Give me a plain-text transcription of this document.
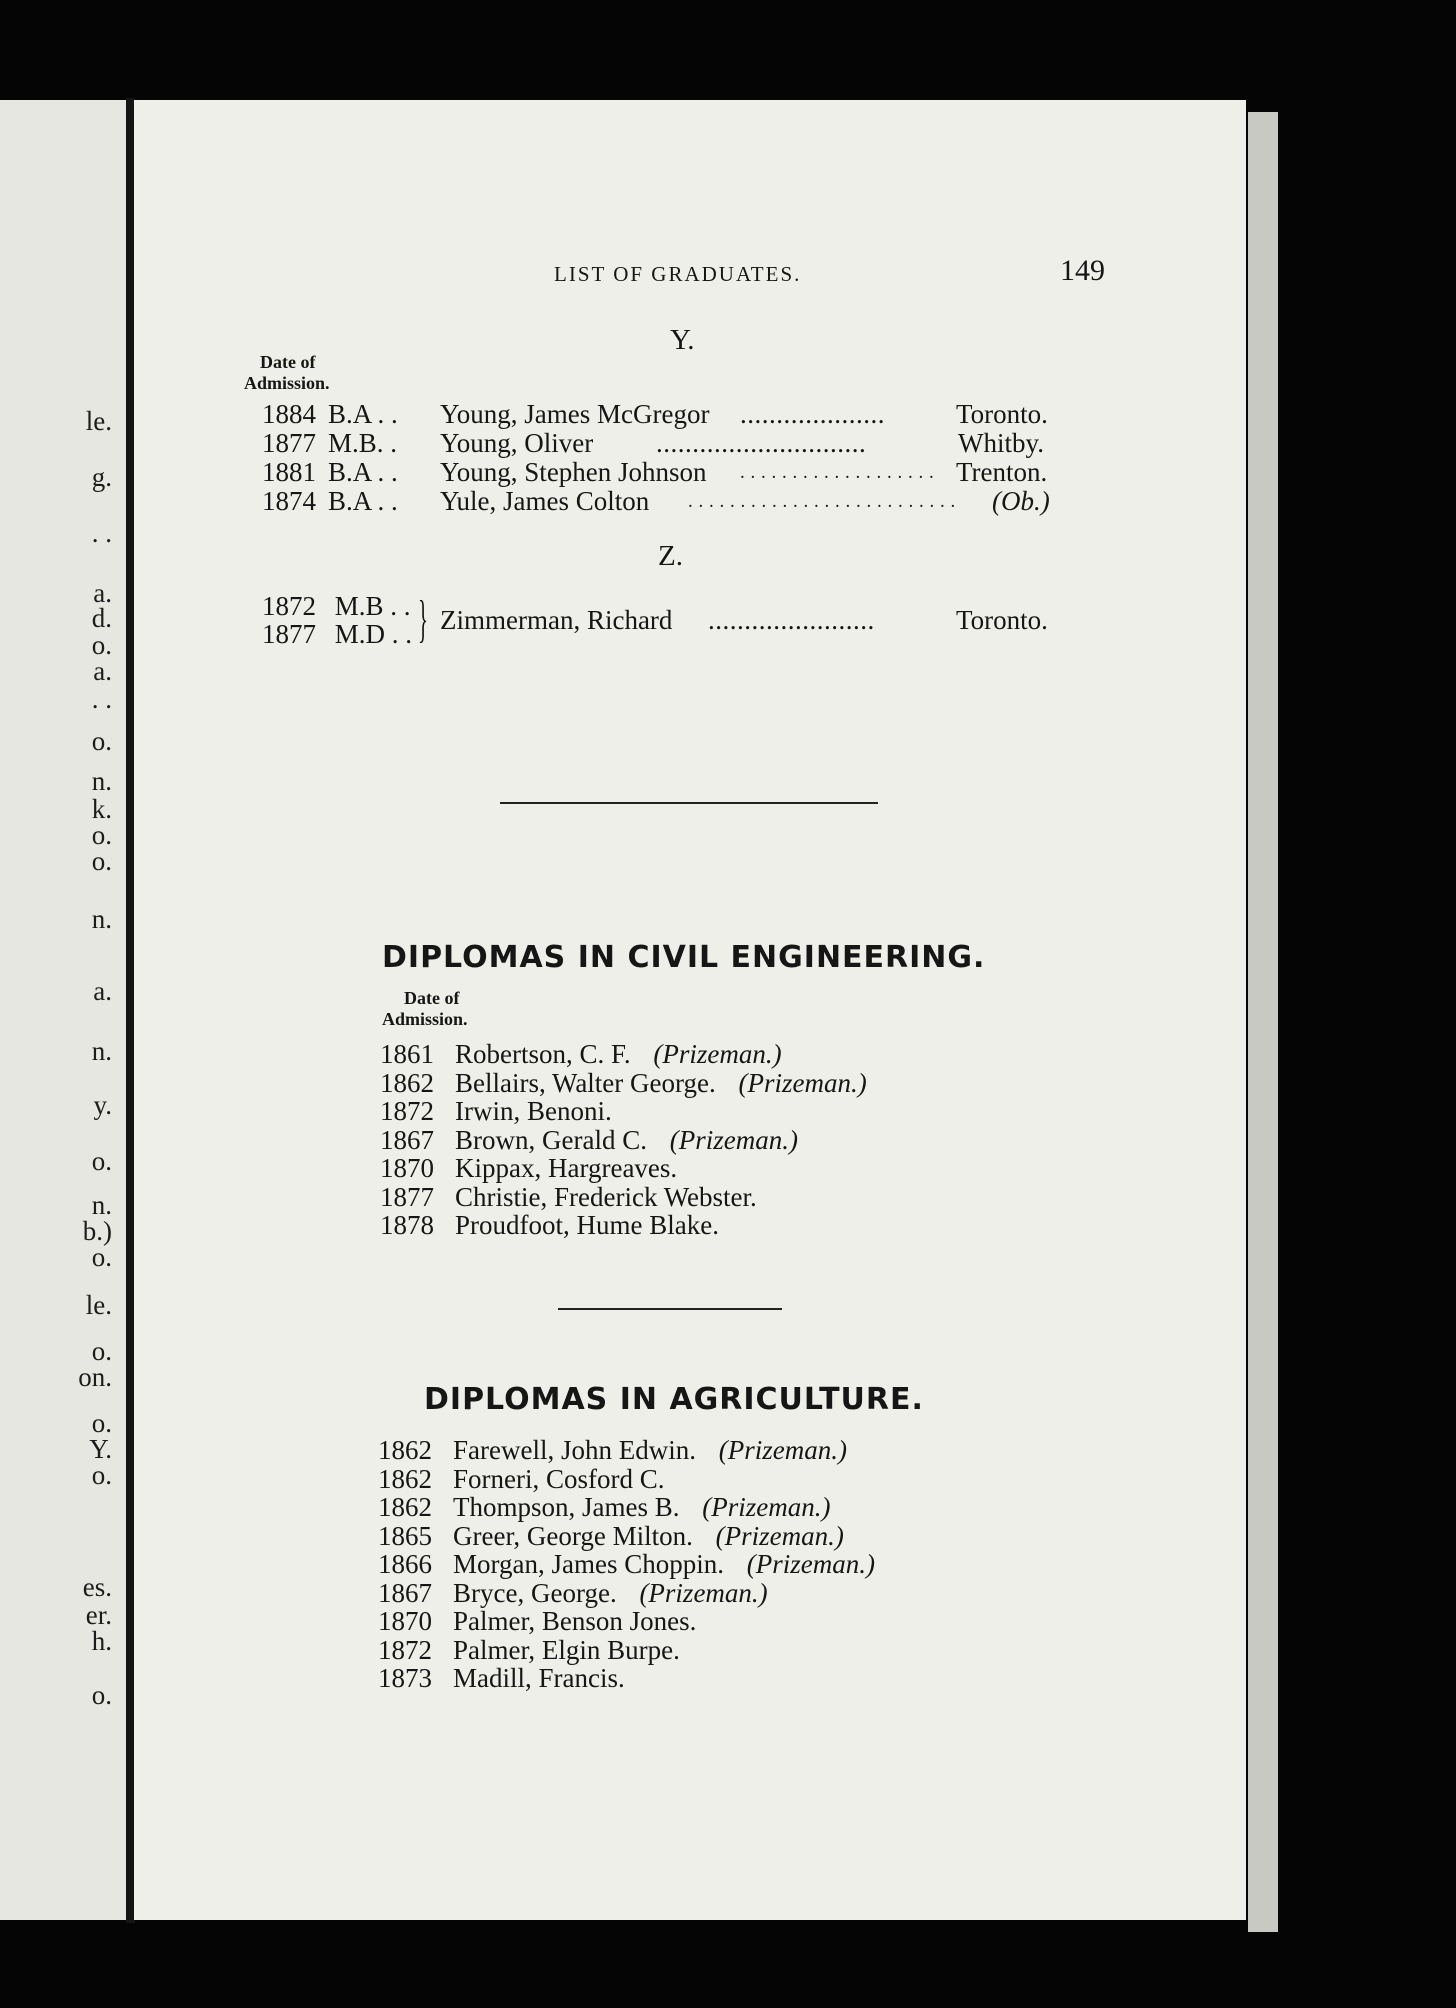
le.
g.
. .
a.
d.
o.
a.
. .
o.
n.
k.
o.
o.
n.
a.
n.
y.
o.
n.
b.)
o.
le.
o.
on.
o.
Y.
o.
es.
er.
h.
o.
LIST OF GRADUATES.	149
Y.
Date of
Admission.
1884 B.A . . Young, James McGregor ....................	Toronto.
1877 M.B. . Young, Oliver .............................	Whitby.
1881 B.A . . Young, Stephen Johnson . . . . . . . . . . . . . . . . . . . Trenton.
1874 B.A . . Yule, James Colton . . . . . . . . . . . . . . . . . . . . . . . . . . (Ob.)
Z.
1872 M.B . .
1877 M.D . . } Zimmerman, Richard .......................	Toronto.
DIPLOMAS IN CIVIL ENGINEERING.
Date of
Admission.
1861 Robertson, C. F. (Prizeman.)
1862 Bellairs, Walter George. (Prizeman.)
1872 Irwin, Benoni.
1867 Brown, Gerald C. (Prizeman.)
1870 Kippax, Hargreaves.
1877 Christie, Frederick Webster.
1878 Proudfoot, Hume Blake.
DIPLOMAS IN AGRICULTURE.
1862 Farewell, John Edwin. (Prizeman.)
1862 Forneri, Cosford C.
1862 Thompson, James B. (Prizeman.)
1865 Greer, George Milton. (Prizeman.)
1866 Morgan, James Choppin. (Prizeman.)
1867 Bryce, George. (Prizeman.)
1870 Palmer, Benson Jones.
1872 Palmer, Elgin Burpe.
1873 Madill, Francis.
